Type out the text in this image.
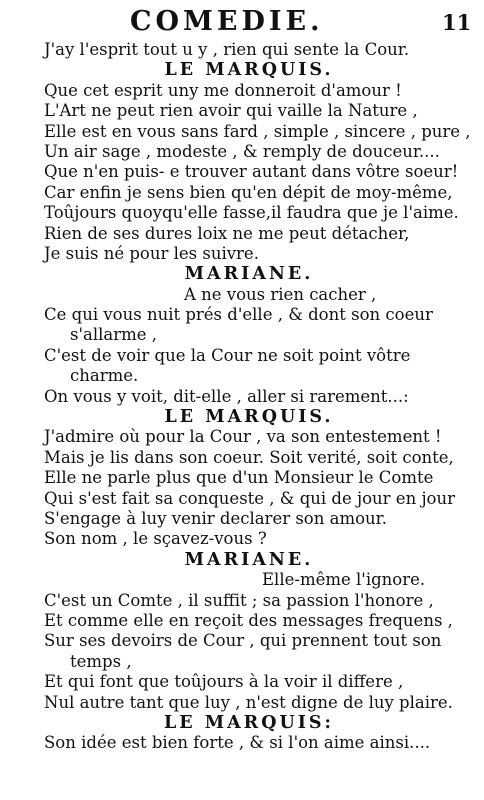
COMEDIE.	11
J'ay l'esprit tout u y , rien qui sente la Cour.
LE MARQUIS.
Que cet esprit uny me donneroit d'amour !
L'Art ne peut rien avoir qui vaille la Nature ,
Elle est en vous sans fard , simple , sincere , pure ,
Un air sage , modeste , & remply de douceur....
Que n'en puis- e trouver autant dans vôtre soeur!
Car enfin je sens bien qu'en dépit de moy-même,
Toûjours quoyqu'elle fasse,il faudra que je l'aime.
Rien de ses dures loix ne me peut détacher,
Je suis né pour les suivre.
MARIANE.
A ne vous rien cacher ,
Ce qui vous nuit prés d'elle , & dont son coeur
s'allarme ,
C'est de voir que la Cour ne soit point vôtre
charme.
On vous y voit, dit-elle , aller si rarement...:
LE MARQUIS.
J'admire où pour la Cour , va son entestement !
Mais je lis dans son coeur. Soit verité, soit conte,
Elle ne parle plus que d'un Monsieur le Comte
Qui s'est fait sa conqueste , & qui de jour en jour
S'engage à luy venir declarer son amour.
Son nom , le sçavez-vous ?
MARIANE.
Elle-même l'ignore.
C'est un Comte , il suffit ; sa passion l'honore ,
Et comme elle en reçoit des messages frequens ,
Sur ses devoirs de Cour , qui prennent tout son
temps ,
Et qui font que toûjours à la voir il differe ,
Nul autre tant que luy , n'est digne de luy plaire.
LE MARQUIS:
Son idée est bien forte , & si l'on aime ainsi....
